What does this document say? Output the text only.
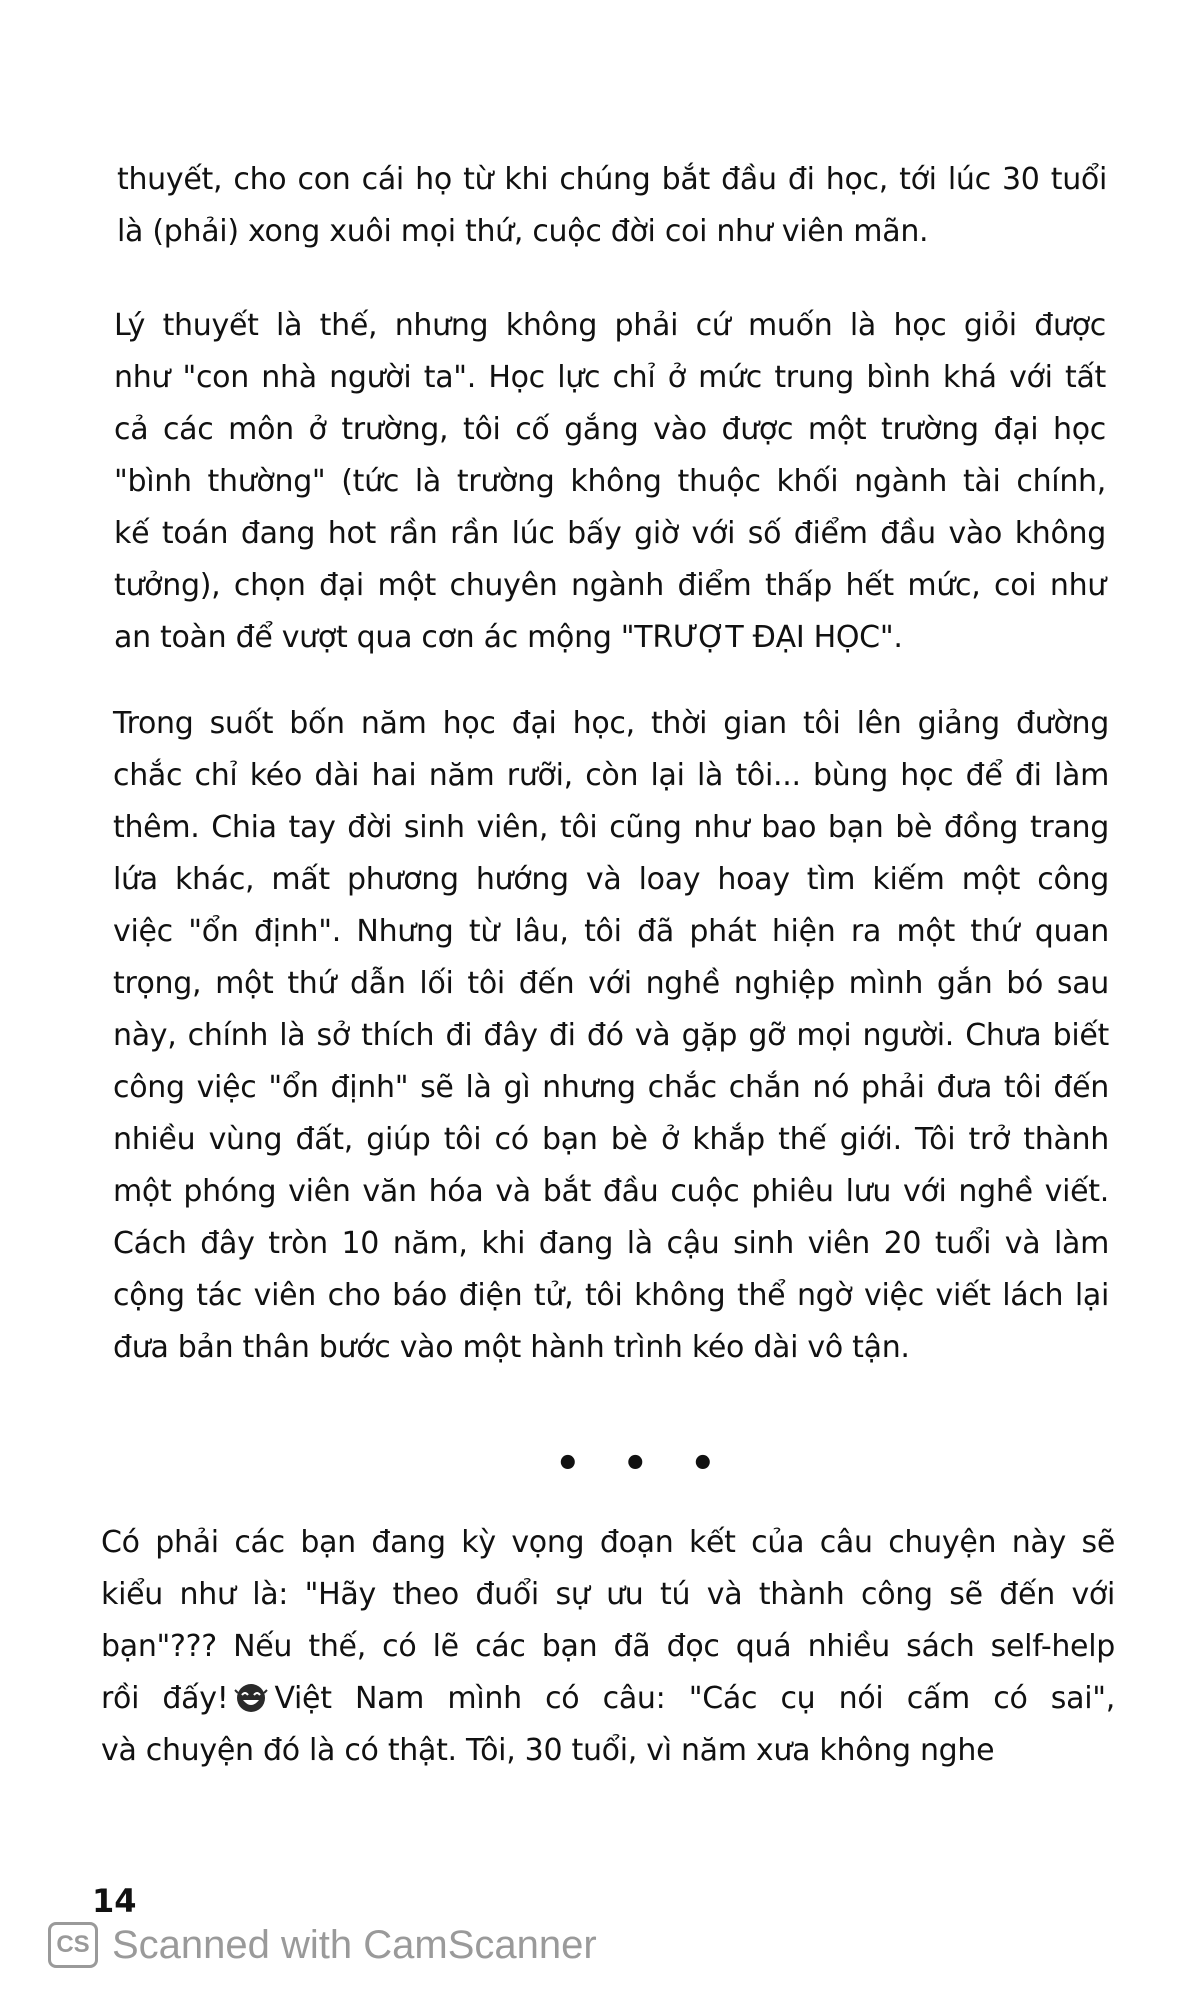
thuyết, cho con cái họ từ khi chúng bắt đầu đi học, tới lúc 30 tuổi
là (phải) xong xuôi mọi thứ, cuộc đời coi như viên mãn.
Lý thuyết là thế, nhưng không phải cứ muốn là học giỏi được
như "con nhà người ta". Học lực chỉ ở mức trung bình khá với tất
cả các môn ở trường, tôi cố gắng vào được một trường đại học
"bình thường" (tức là trường không thuộc khối ngành tài chính,
kế toán đang hot rần rần lúc bấy giờ với số điểm đầu vào không
tưởng), chọn đại một chuyên ngành điểm thấp hết mức, coi như
an toàn để vượt qua cơn ác mộng "TRƯỢT ĐẠI HỌC".
Trong suốt bốn năm học đại học, thời gian tôi lên giảng đường
chắc chỉ kéo dài hai năm rưỡi, còn lại là tôi... bùng học để đi làm
thêm. Chia tay đời sinh viên, tôi cũng như bao bạn bè đồng trang
lứa khác, mất phương hướng và loay hoay tìm kiếm một công
việc "ổn định". Nhưng từ lâu, tôi đã phát hiện ra một thứ quan
trọng, một thứ dẫn lối tôi đến với nghề nghiệp mình gắn bó sau
này, chính là sở thích đi đây đi đó và gặp gỡ mọi người. Chưa biết
công việc "ổn định" sẽ là gì nhưng chắc chắn nó phải đưa tôi đến
nhiều vùng đất, giúp tôi có bạn bè ở khắp thế giới. Tôi trở thành
một phóng viên văn hóa và bắt đầu cuộc phiêu lưu với nghề viết.
Cách đây tròn 10 năm, khi đang là cậu sinh viên 20 tuổi và làm
cộng tác viên cho báo điện tử, tôi không thể ngờ việc viết lách lại
đưa bản thân bước vào một hành trình kéo dài vô tận.
• • •
Có phải các bạn đang kỳ vọng đoạn kết của câu chuyện này sẽ
kiểu như là: "Hãy theo đuổi sự ưu tú và thành công sẽ đến với
bạn"??? Nếu thế, có lẽ các bạn đã đọc quá nhiều sách self-help
rồi đấy! Việt Nam mình có câu: "Các cụ nói cấm có sai",
và chuyện đó là có thật. Tôi, 30 tuổi, vì năm xưa không nghe
14
CS Scanned with CamScanner
